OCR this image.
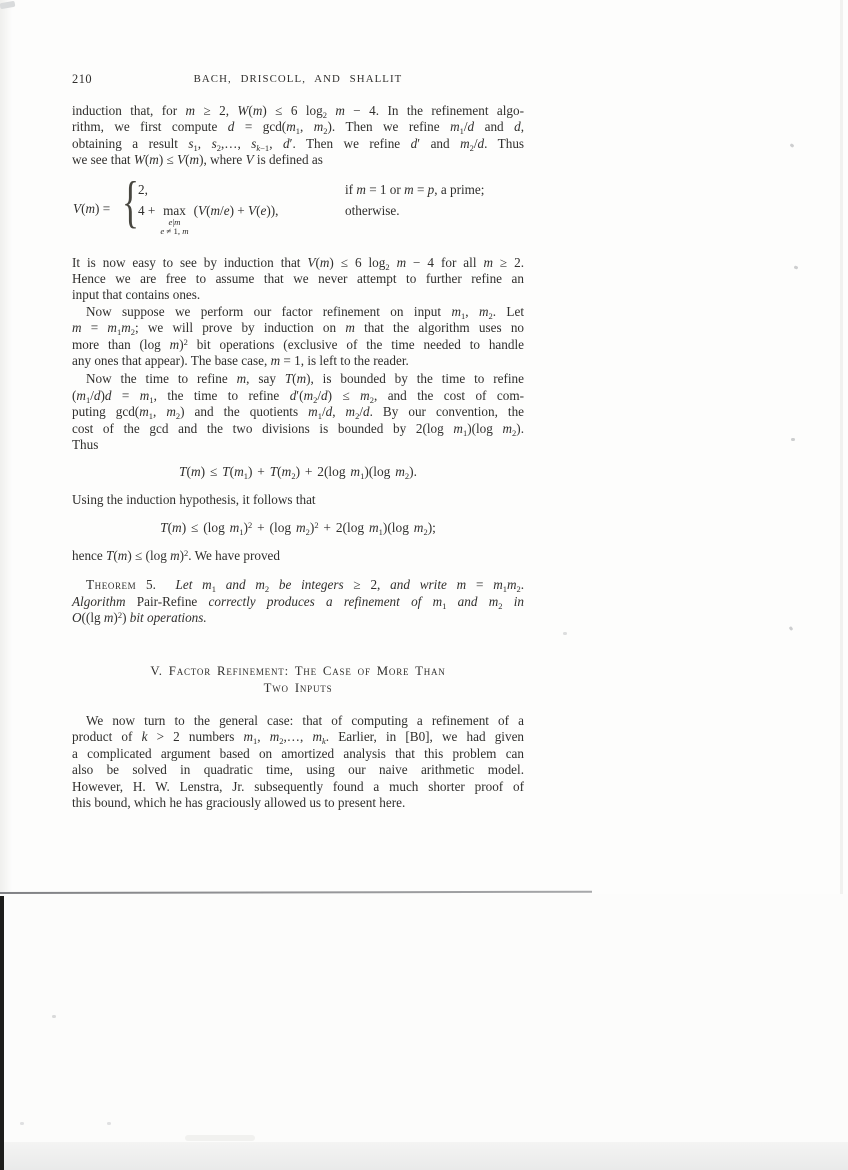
210	BACH, DRISCOLL, AND SHALLIT
induction that, for m ≥ 2, W(m) ≤ 6 $\log_2 m - 4$. In the refinement algo-
rithm, we first compute $d = \gcd(m_1$, $m_2$). Then we refine $m_1/d$ and d,
obtaining a result $s_1$, $s_2,\dots$, $s_{k-1}$, d′. Then we refine d′ and $m_2/d$. Thus
we see that W(m) ≤ V(m), where V is defined as
V(m) = { 2,
4 + max
e|m
e ≠ 1, m
(V(m/e) + V(e)),
if m = 1 or m = p, a prime;
otherwise.
It is now easy to see by induction that V(m) ≤ 6 $\log_2 m - 4$ for all m ≥ 2.
Hence we are free to assume that we never attempt to further refine an
input that contains ones.
Now suppose we perform our factor refinement on input $m_1$, $m_2$. Let
$m = m_1m_2$; we will prove by induction on m that the algorithm uses no
more than (log m)$^2$ bit operations (exclusive of the time needed to handle
any ones that appear). The base case, m = 1, is left to the reader.
Now the time to refine m, say T(m), is bounded by the time to refine
$(m_1/d)d = m_1$, the time to refine $d'(m_2/d) \le m_2$, and the cost of com-
puting $\gcd(m_1$, $m_2$) and the quotients $m_1/d$, $m_2/d$. By our convention, the
cost of the gcd and the two divisions is bounded by 2(log $m_1)(\log$ $m_2$).
Thus
$T(m) \le T(m_1) + T(m_2) + 2(\log$ $m_1)(\log$ $m_2$).
Using the induction hypothesis, it follows that
T(m) ≤ (log $m_1)^2 + (\log$ $m_2)^2 + 2(\log$ $m_1)(\log$ $m_2$);
hence T(m) ≤ (log m)$^2$. We have proved
Theorem 5.  Let $m_1$ and $m_2$ be integers ≥ 2, and write $m = m_1m_2$.
Algorithm Pair-Refine correctly produces a refinement of $m_1$ and $m_2$ in
O((lg m)$^2$) bit operations.
V. Factor Refinement: The Case of More Than
Two Inputs
We now turn to the general case: that of computing a refinement of a
product of k > 2 numbers $m_1$, $m_2,\dots$, $m_k$. Earlier, in [B0], we had given
a complicated argument based on amortized analysis that this problem can
also be solved in quadratic time, using our naive arithmetic model.
However, H. W. Lenstra, Jr. subsequently found a much shorter proof of
this bound, which he has graciously allowed us to present here.
